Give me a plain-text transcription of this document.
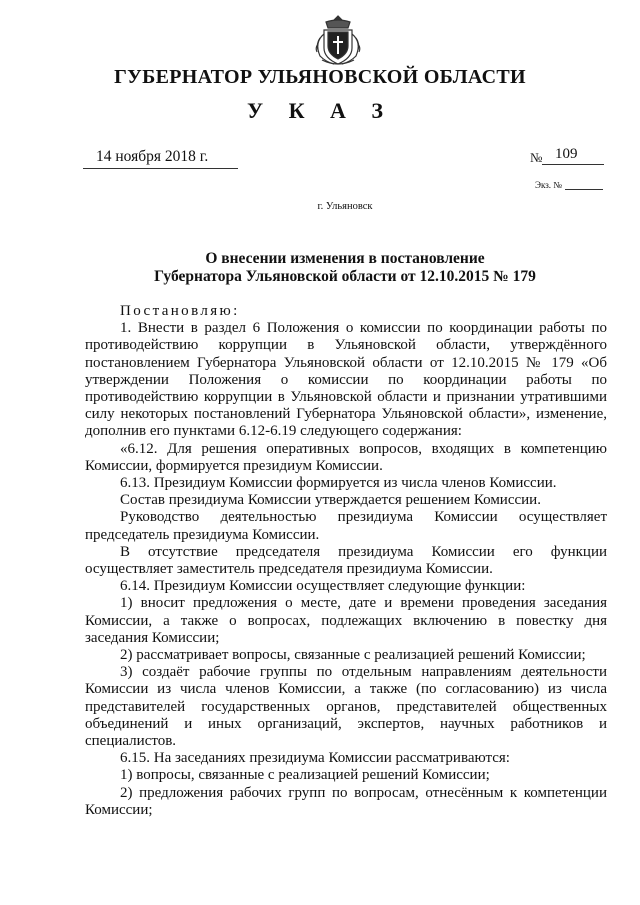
ГУБЕРНАТОР УЛЬЯНОВСКОЙ ОБЛАСТИ
У К А З
14 ноября 2018 г.	№ 109
Экз. №
г. Ульяновск
О внесении изменения в постановление
Губернатора Ульяновской области от 12.10.2015 № 179

Постановляю:

1. Внести в раздел 6 Положения о комиссии по координации работы по противодействию коррупции в Ульяновской области, утверждённого постановлением Губернатора Ульяновской области от 12.10.2015 № 179 «Об утверждении Положения о комиссии по координации работы по противодействию коррупции в Ульяновской области и признании утратившими силу некоторых постановлений Губернатора Ульяновской области», изменение, дополнив его пунктами 6.12-6.19 следующего содержания:

«6.12. Для решения оперативных вопросов, входящих в компетенцию Комиссии, формируется президиум Комиссии.

6.13. Президиум Комиссии формируется из числа членов Комиссии.

Состав президиума Комиссии утверждается решением Комиссии.

Руководство деятельностью президиума Комиссии осуществляет председатель президиума Комиссии.

В отсутствие председателя президиума Комиссии его функции осуществляет заместитель председателя президиума Комиссии.

6.14. Президиум Комиссии осуществляет следующие функции:

1) вносит предложения о месте, дате и времени проведения заседания Комиссии, а также о вопросах, подлежащих включению в повестку дня заседания Комиссии;

2) рассматривает вопросы, связанные с реализацией решений Комиссии;

3) создаёт рабочие группы по отдельным направлениям деятельности Комиссии из числа членов Комиссии, а также (по согласованию) из числа представителей государственных органов, представителей общественных объединений и иных организаций, экспертов, научных работников и специалистов.

6.15. На заседаниях президиума Комиссии рассматриваются:

1) вопросы, связанные с реализацией решений Комиссии;

2) предложения рабочих групп по вопросам, отнесённым к компетенции Комиссии;
